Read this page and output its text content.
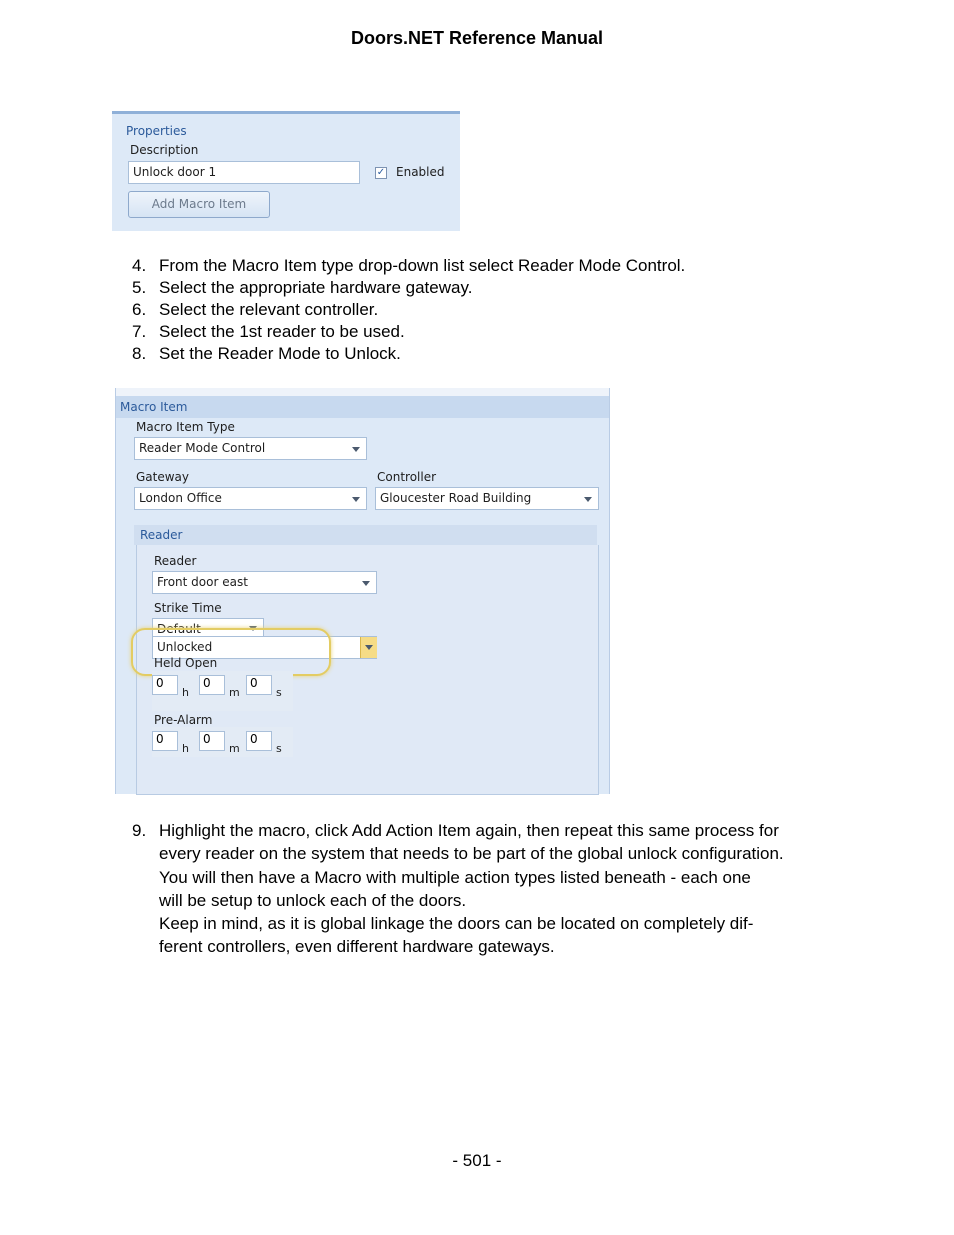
Doors.NET Reference Manual
Properties
Description
Unlock door 1	✓ Enabled
Add Macro Item
4. From the Macro Item type drop-down list select Reader Mode Control.
5. Select the appropriate hardware gateway.
6. Select the relevant controller.
7. Select the 1st reader to be used.
8. Set the Reader Mode to Unlock.
Macro Item
Macro Item Type
Reader Mode Control
Gateway
London Office
Controller
Gloucester Road Building
Reader
Reader
Front door east
Strike Time
Default
Unlocked
Held Open
0
h
0
m
0
s
Pre-Alarm
0
h
0
m
0
s
9. Highlight the macro, click Add Action Item again, then repeat this same process for
every reader on the system that needs to be part of the global unlock configuration.
You will then have a Macro with multiple action types listed beneath - each one
will be setup to unlock each of the doors.
Keep in mind, as it is global linkage the doors can be located on completely dif-
ferent controllers, even different hardware gateways.
- 501 -
